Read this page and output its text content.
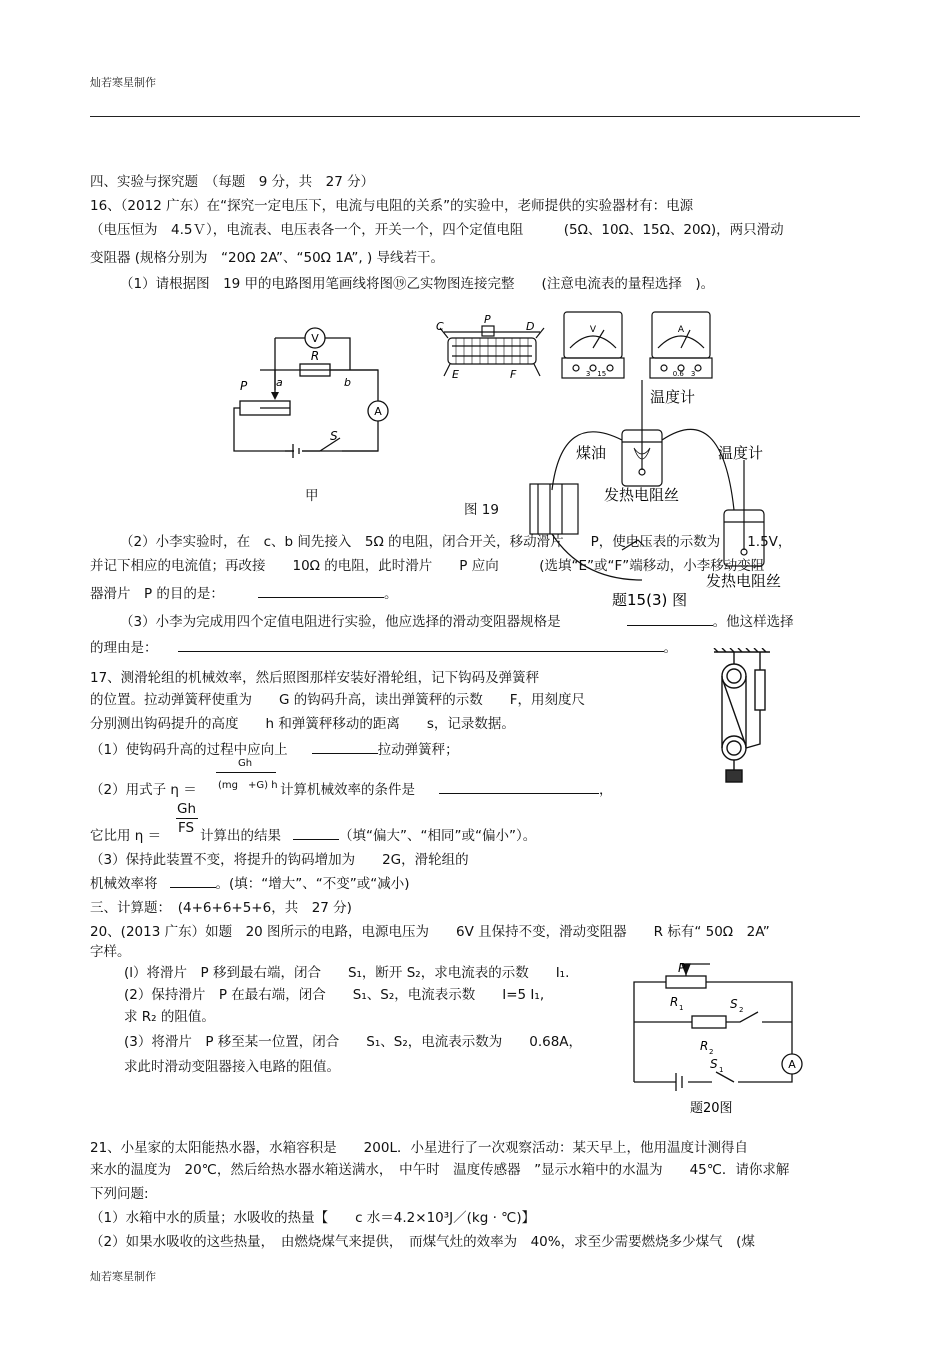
灿若寒星制作
四、实验与探究题　（每题　9 分，共　27 分）
16、（2012 广东）在“探究一定电压下，电流与电阻的关系”的实验中，老师提供的实验器材有：电源
（电压恒为　4.5Ｖ），电流表、电压表各一个，开关一个，四个定值电阻　　　(5Ω、10Ω、15Ω、20Ω)，两只滑动
变阻器 (规格分别为　“20Ω 2A”、“50Ω 1A”, ) 导线若干。
（1）请根据图　19 甲的电路图用笔画线将图⑲乙实物图连接完整　　(注意电流表的量程选择　)。
V
A
R
P	a	b
S
甲
C
P
D
E	F
V	A
3　15	0.6　3
温度计
温度计
煤油
发热电阻丝
发热电阻丝
题15(3) 图
图 19
（2）小李实验时，在　c、b 间先接入　5Ω 的电阻，闭合开关，移动滑片　　P，使电压表的示数为　　1.5V，
并记下相应的电流值；再改接　　10Ω 的电阻，此时滑片　　P 应向　　　(选填“E”或“F”端移动，小李移动变阻
器滑片　P 的目的是：	。
（3）小李为完成用四个定值电阻进行实验，他应选择的滑动变阻器规格是	。他这样选择
的理由是：	。
17、测滑轮组的机械效率，然后照图那样安装好滑轮组，记下钩码及弹簧秤
的位置。拉动弹簧秤使重为　　G 的钩码升高，读出弹簧秤的示数　　F，用刻度尺
分别测出钩码提升的高度　　h 和弹簧秤移动的距离　　s，记录数据。
（1）使钩码升高的过程中应向上	拉动弹簧秤；
Gh
(mg　+G) h
（2）用式子 η ＝	计算机械效率的条件是	，
Gh
FS
它比用 η ＝	计算出的结果	（填“偏大”、“相同”或“偏小”）。
（3）保持此装置不变，将提升的钩码增加为　　2G，滑轮组的
机械效率将	。(填：“增大”、“不变”或“减小)
三、计算题：　(4+6+6+5+6，共　27 分)
20、(2013 广东）如题　20 图所示的电路，电源电压为　　6V 且保持不变，滑动变阻器　　R 标有“ 50Ω　2A”
字样。
(l）将滑片　P 移到最右端，闭合　　S₁，断开 S₂，求电流表的示数　　I₁.
(2）保持滑片　P 在最右端，闭合　　S₁、S₂，电流表示数　　I=5 I₁,
求 R₂ 的阻值。
(3）将滑片　P 移至某一位置，闭合　　S₁、S₂，电流表示数为　　0.68A，
求此时滑动变阻器接入电路的阻值。
P
R 1
R 2
S 2
S 1	A
题20图
21、小星家的太阳能热水器，水箱容积是　　200L．小星进行了一次观察活动：某天早上，他用温度计测得自
来水的温度为　20℃，然后给热水器水箱送满水，　中午时　温度传感器　”显示水箱中的水温为　　45℃．请你求解
下列问题:
（1）水箱中水的质量；水吸收的热量【　　c 水＝4.2×10³J／(kg · ℃)】
（2）如果水吸收的这些热量，　由燃烧煤气来提供，　而煤气灶的效率为　40%，求至少需要燃烧多少煤气　(煤
灿若寒星制作
